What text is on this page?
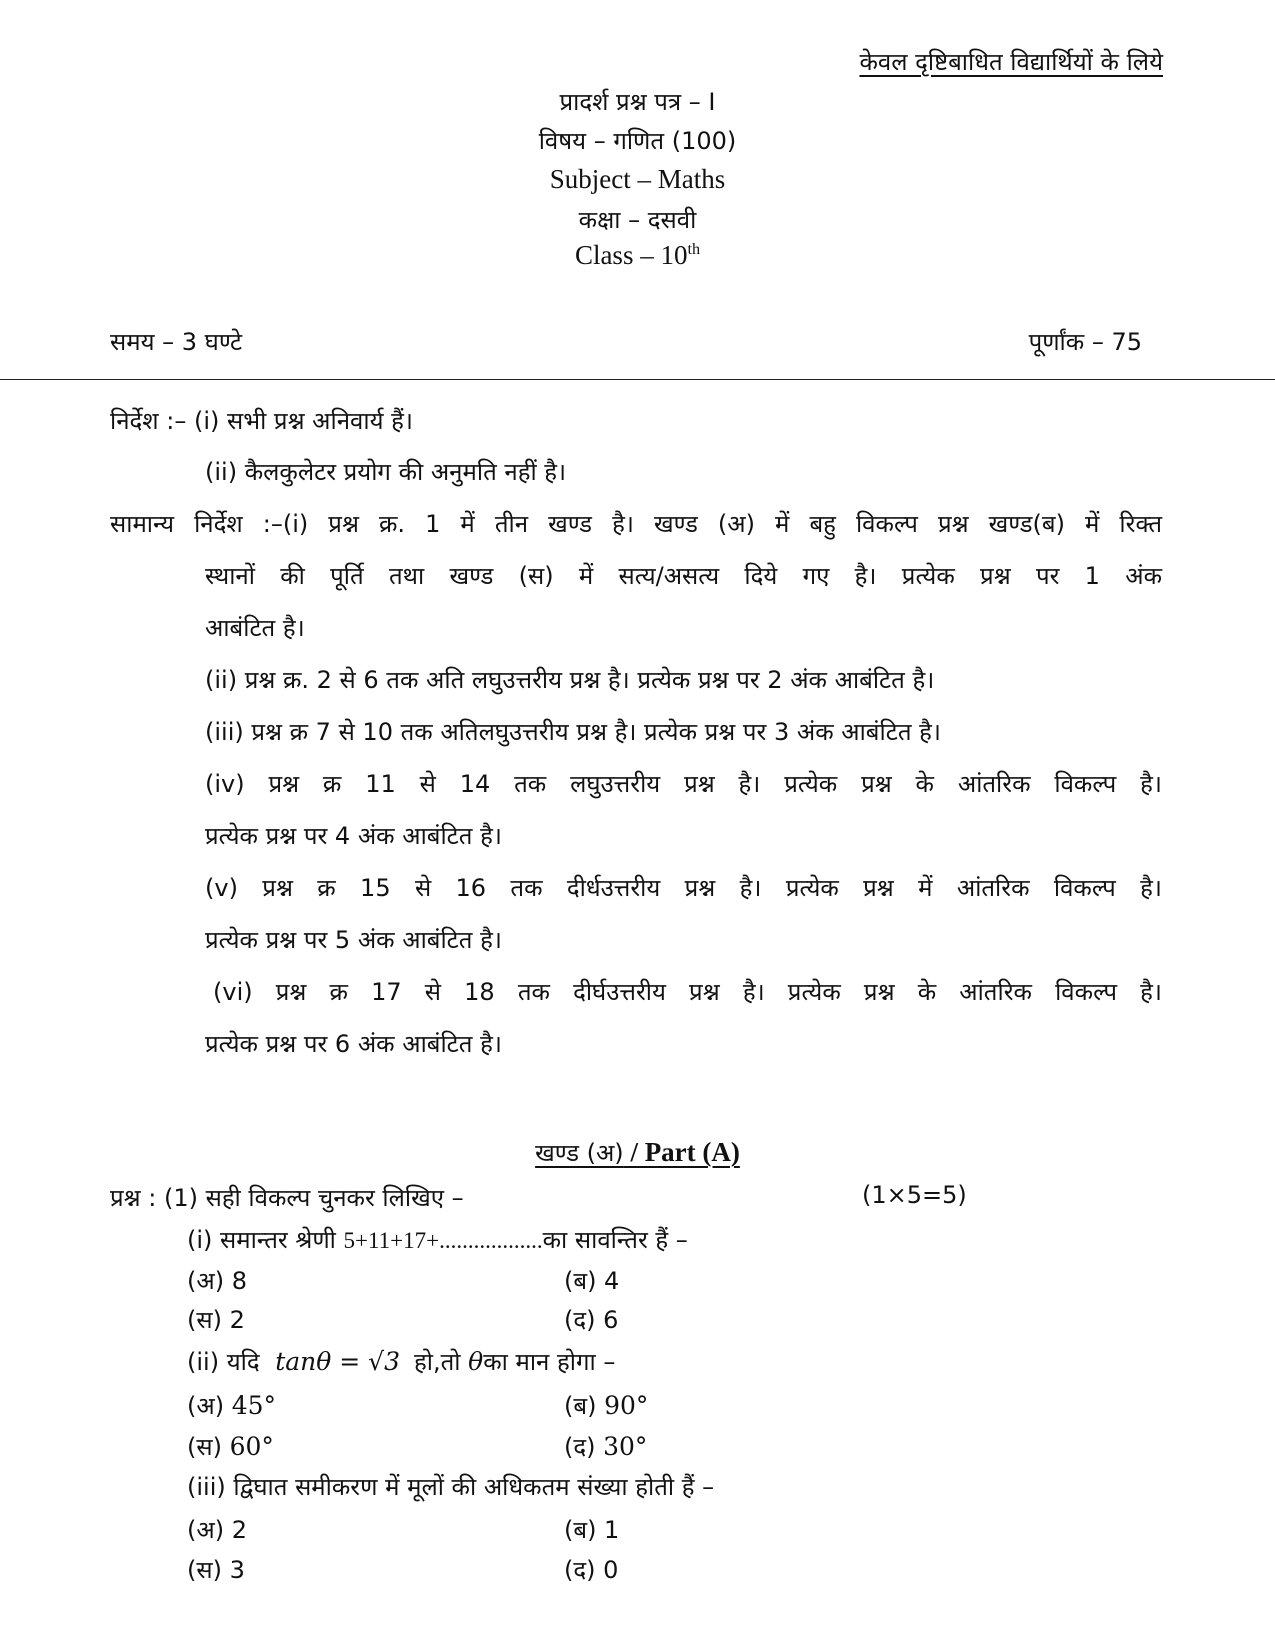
केवल दृष्टिबाधित विद्यार्थियों के लिये
प्रादर्श प्रश्न पत्र – I
विषय – गणित (100)
Subject – Maths
कक्षा – दसवी
Class – 10th
समय – 3 घण्टे	पूर्णांक – 75
निर्देश :– (i) सभी प्रश्न अनिवार्य हैं।
(ii) कैलकुलेटर प्रयोग की अनुमति नहीं है।
सामान्य निर्देश :–(i) प्रश्न क्र. 1 में तीन खण्ड है। खण्ड (अ) में बहु विकल्प प्रश्न खण्ड(ब) में रिक्त
स्थानों की पूर्ति तथा खण्ड (स) में सत्य/असत्य दिये गए है। प्रत्येक प्रश्न पर 1 अंक
आबंटित है।
(ii) प्रश्न क्र. 2 से 6 तक अति लघुउत्तरीय प्रश्न है। प्रत्येक प्रश्न पर 2 अंक आबंटित है।
(iii) प्रश्न क्र 7 से 10 तक अतिलघुउत्तरीय प्रश्न है। प्रत्येक प्रश्न पर 3 अंक आबंटित है।
(iv) प्रश्न क्र 11 से 14 तक लघुउत्तरीय प्रश्न है। प्रत्येक प्रश्न के आंतरिक विकल्प है।
प्रत्येक प्रश्न पर 4 अंक आबंटित है।
(v) प्रश्न क्र 15 से 16 तक दीर्धउत्तरीय प्रश्न है। प्रत्येक प्रश्न में आंतरिक विकल्प है।
प्रत्येक प्रश्न पर 5 अंक आबंटित है।
(vi) प्रश्न क्र 17 से 18 तक दीर्घउत्तरीय प्रश्न है। प्रत्येक प्रश्न के आंतरिक विकल्प है।
प्रत्येक प्रश्न पर 6 अंक आबंटित है।
खण्ड (अ) / Part (A)
प्रश्न : (1) सही विकल्प चुनकर लिखिए –	(1×5=5)
(i) समान्तर श्रेणी 5+11+17+..................का सावन्तिर हैं –
(अ) 8	(ब) 4
(स) 2	(द) 6
(ii) यदि tanθ = √3 हो,तो θका मान होगा –
(अ) 45°	(ब) 90°
(स) 60°	(द) 30°
(iii) द्विघात समीकरण में मूलों की अधिकतम संख्या होती हैं –
(अ) 2	(ब) 1
(स) 3	(द) 0
